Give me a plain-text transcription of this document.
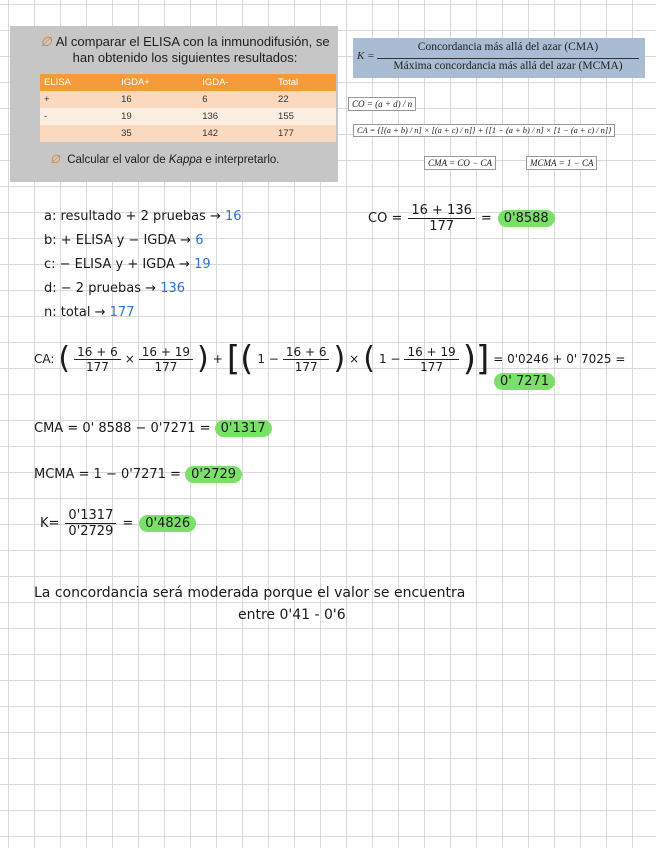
∅ Al comparar el ELISA con la inmunodifusión, se han obtenido los siguientes resultados:
ELISA	IGDA+	IGDA-	Total
+	16	6	22
-	19	136	155
	35	142	177
∅ Calcular el valor de Kappa e interpretarlo.
K =
Concordancia más allá del azar (CMA)
Máxima concordancia más allá del azar (MCMA)
CO = (a + d) / n
CA = {[(a + b) / n] × [(a + c) / n]} + {[1 − (a + b) / n] × [1 − (a + c) / n]}
CMA = CO − CA	MCMA = 1 − CA
a: resultado + 2 pruebas → 16
b: + ELISA y − IGDA → 6
c: − ELISA y + IGDA → 19
d: − 2 pruebas → 136
n: total → 177
CO = $\frac{16 + 136}{177} = 0'8588$
CA: ( $\frac{16 + 6}{177} \times \frac{16 + 19}{177}$ ) + [( $1 - \frac{16 + 6}{177}$ ) × ( $1 - \frac{16 + 19}{177}$ )] = 0'0246 + 0' 7025 =
0' 7271
CMA = 0' 8588 − 0'7271 = 0'1317
MCMA = 1 − 0'7271 = 0'2729
$K= \frac{0'1317}{0'2729} = 0'4826$
La concordancia será moderada porque el valor se encuentra
entre 0'41 - 0'6
